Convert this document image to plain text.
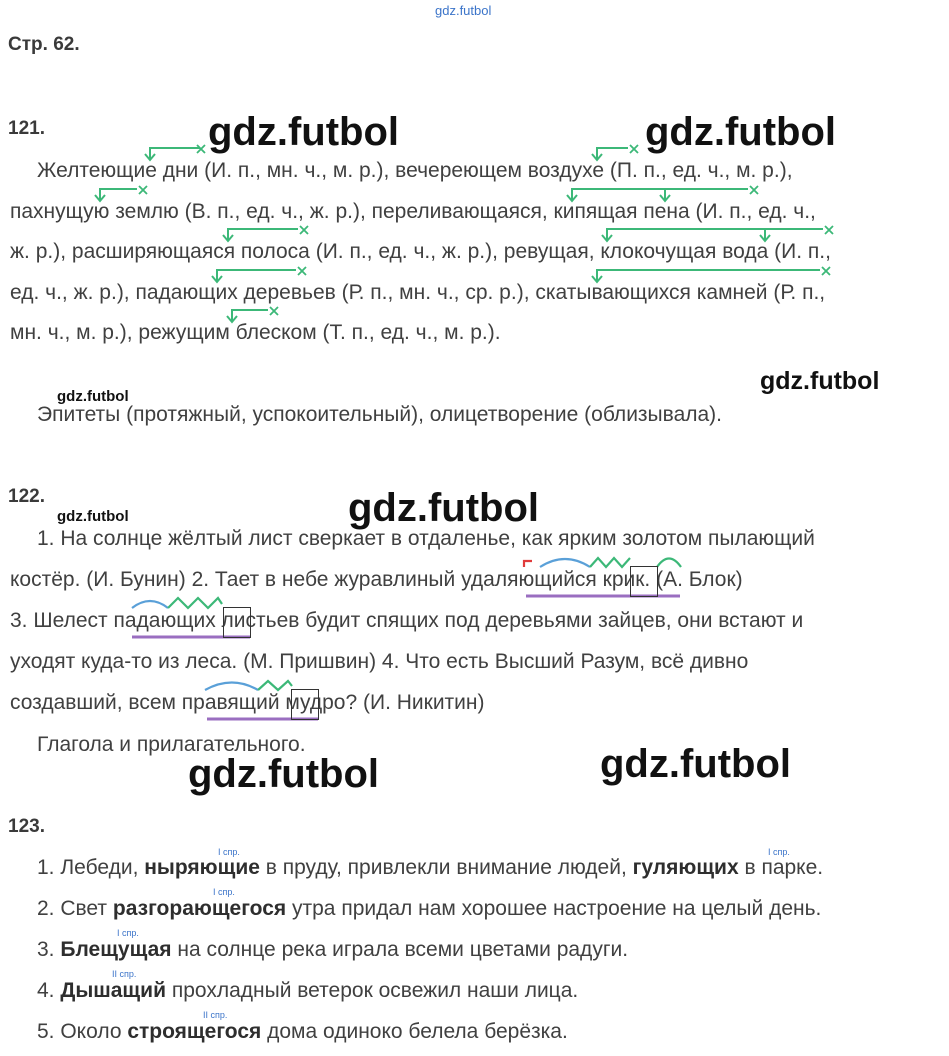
gdz.futbol
gdz.futbol	gdz.futbol
gdz.futbol
gdz.futbol
gdz.futbol
gdz.futbol
gdz.futbol	gdz.futbol
Стр. 62.
121.
Желтеющие дни (И. п., мн. ч., м. р.), вечереющем воздухе (П. п., ед. ч., м. р.),
пахнущую землю (В. п., ед. ч., ж. р.), переливающаяся, кипящая пена (И. п., ед. ч.,
ж. р.), расширяющаяся полоса (И. п., ед. ч., ж. р.), ревущая, клокочущая вода (И. п.,
ед. ч., ж. р.), падающих деревьев (Р. п., мн. ч., ср. р.), скатывающихся камней (Р. п.,
мн. ч., м. р.), режущим блеском (Т. п., ед. ч., м. р.).
Эпитеты (протяжный, успокоительный), олицетворение (облизывала).
122.
1. На солнце жёлтый лист сверкает в отдаленье, как ярким золотом пылающий
костёр. (И. Бунин) 2. Тает в небе журавлиный удаляющийся крик. (А. Блок)
3. Шелест падающих листьев будит спящих под деревьями зайцев, они встают и
уходят куда-то из леса. (М. Пришвин) 4. Что есть Высший Разум, всё дивно
создавший, всем правящий мудро? (И. Никитин)
Глагола и прилагательного.
123.
1. Лебеди, ныряющие в пруду, привлекли внимание людей, гуляющих в парке.
2. Свет разгорающегося утра придал нам хорошее настроение на целый день.
3. Блещущая на солнце река играла всеми цветами радуги.
4. Дышащий прохладный ветерок освежил наши лица.
5. Около строящегося дома одиноко белела берёзка.
I спр.	I спр.
I спр.
I спр.
II спр.
II спр.
